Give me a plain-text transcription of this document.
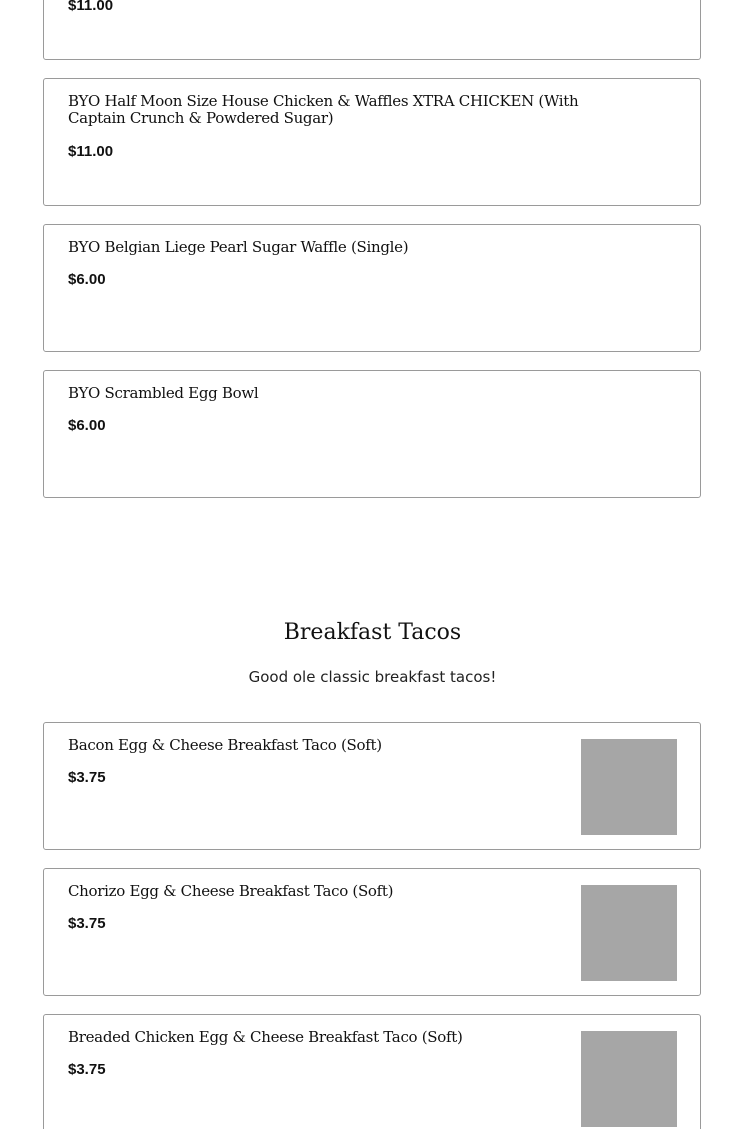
$11.00
BYO Half Moon Size House Chicken & Waffles XTRA CHICKEN (With Captain Crunch & Powdered Sugar)
$11.00
BYO Belgian Liege Pearl Sugar Waffle (Single)
$6.00
BYO Scrambled Egg Bowl
$6.00
Breakfast Tacos

Good ole classic breakfast tacos!

Bacon Egg & Cheese Breakfast Taco (Soft)
$3.75
Chorizo Egg & Cheese Breakfast Taco (Soft)
$3.75
Breaded Chicken Egg & Cheese Breakfast Taco (Soft)
$3.75
